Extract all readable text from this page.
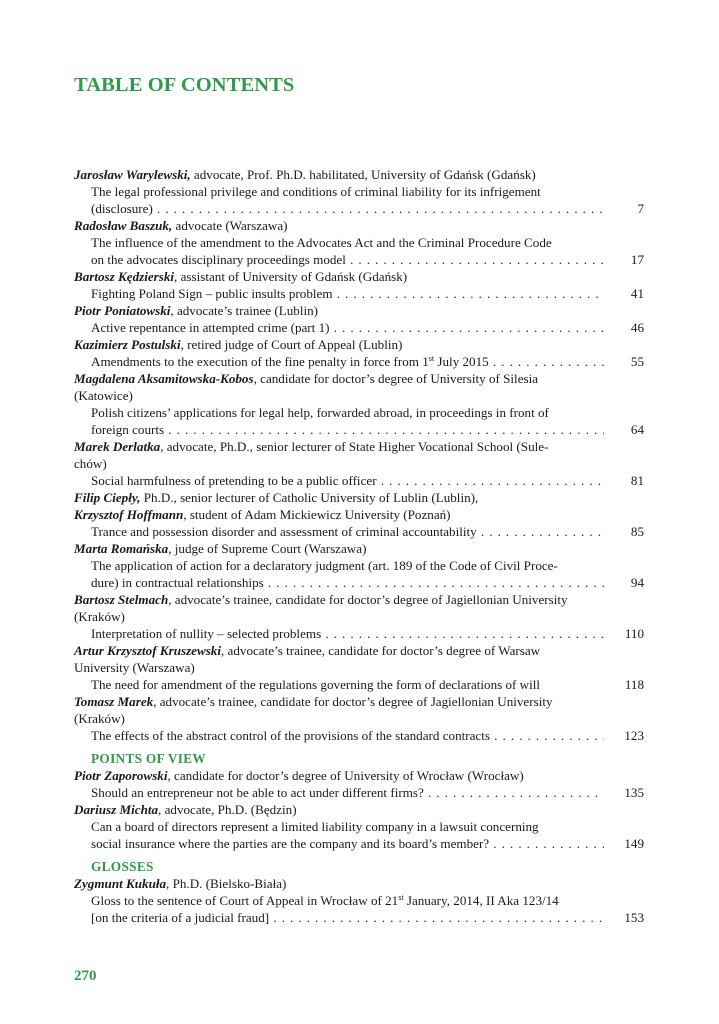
TABLE OF CONTENTS
Jarosław Warylewski, advocate, Prof. Ph.D. habilitated, University of Gdańsk (Gdańsk)
The legal professional privilege and conditions of criminal liability for its infrigement
(disclosure) . . .	7
Radosław Baszuk, advocate (Warszawa)
The influence of the amendment to the Advocates Act and the Criminal Procedure Code
on the advocates disciplinary proceedings model . . .	17
Bartosz Kędzierski, assistant of University of Gdańsk (Gdańsk)
Fighting Poland Sign – public insults problem . . .	41
Piotr Poniatowski, advocate’s trainee (Lublin)
Active repentance in attempted crime (part 1) . . .	46
Kazimierz Postulski, retired judge of Court of Appeal (Lublin)
Amendments to the execution of the fine penalty in force from 1st July 2015 . . .	55
Magdalena Aksamitowska-Kobos, candidate for doctor’s degree of University of Silesia
(Katowice)
Polish citizens’ applications for legal help, forwarded abroad, in proceedings in front of
foreign courts . . .	64
Marek Derlatka, advocate, Ph.D., senior lecturer of State Higher Vocational School (Sule-
chów)
Social harmfulness of pretending to be a public officer . . .	81
Filip Ciepły, Ph.D., senior lecturer of Catholic University of Lublin (Lublin),
Krzysztof Hoffmann, student of Adam Mickiewicz University (Poznań)
Trance and possession disorder and assessment of criminal accountability . . .	85
Marta Romańska, judge of Supreme Court (Warszawa)
The application of action for a declaratory judgment (art. 189 of the Code of Civil Proce-
dure) in contractual relationships . . .	94
Bartosz Stelmach, advocate’s trainee, candidate for doctor’s degree of Jagiellonian University
(Kraków)
Interpretation of nullity – selected problems . . .	110
Artur Krzysztof Kruszewski, advocate’s trainee, candidate for doctor’s degree of Warsaw
University (Warszawa)
The need for amendment of the regulations governing the form of declarations of will	118
Tomasz Marek, advocate’s trainee, candidate for doctor’s degree of Jagiellonian University
(Kraków)
The effects of the abstract control of the provisions of the standard contracts . . .	123
POINTS OF VIEW
Piotr Zaporowski, candidate for doctor’s degree of University of Wrocław (Wrocław)
Should an entrepreneur not be able to act under different firms? . . .	135
Dariusz Michta, advocate, Ph.D. (Będzin)
Can a board of directors represent a limited liability company in a lawsuit concerning
social insurance where the parties are the company and its board’s member? . . .	149
GLOSSES
Zygmunt Kukuła, Ph.D. (Bielsko-Biała)
Gloss to the sentence of Court of Appeal in Wrocław of 21st January, 2014, II Aka 123/14
[on the criteria of a judicial fraud] . . .	153
270
